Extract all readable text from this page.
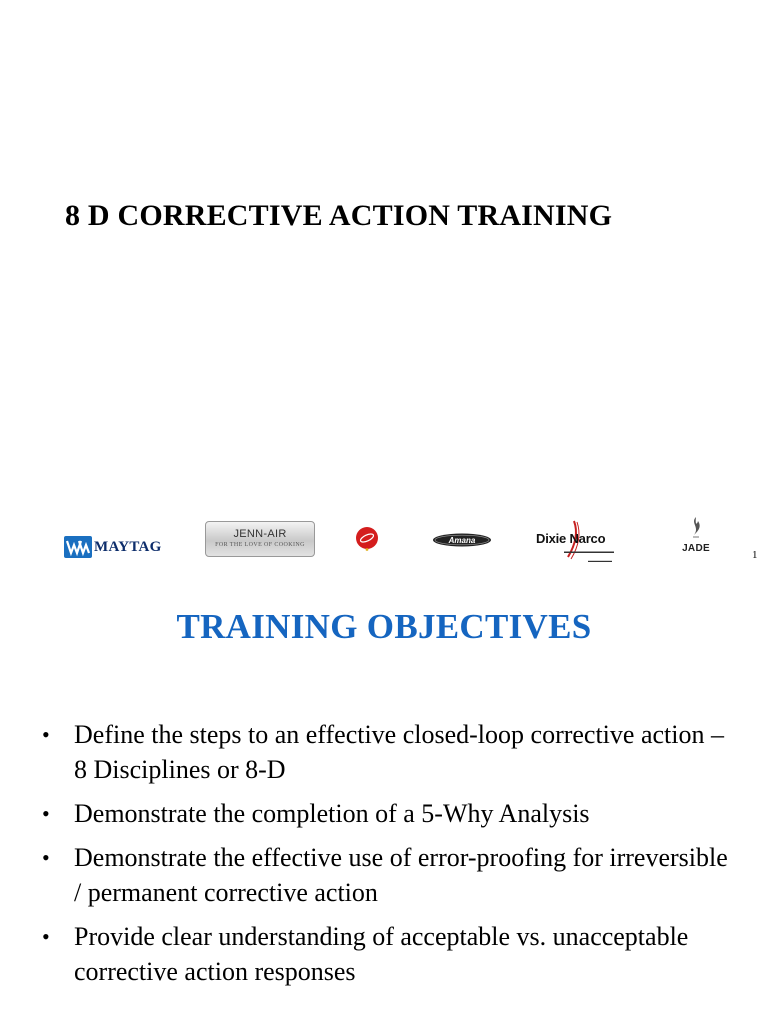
8 D CORRECTIVE ACTION TRAINING
MAYTAG
JENN-AIR
FOR THE LOVE OF COOKING	Amana	Dixie Narco
▬▬▬▬▬▬▬▬▬▬
▬▬▬▬▬▬
JADE
1
TRAINING OBJECTIVES
• Define the steps to an effective closed-loop corrective action – 8 Disciplines or 8-D
• Demonstrate the completion of a 5-Why Analysis
• Demonstrate the effective use of error-proofing for irreversible / permanent corrective action
• Provide clear understanding of acceptable vs. unacceptable corrective action responses
